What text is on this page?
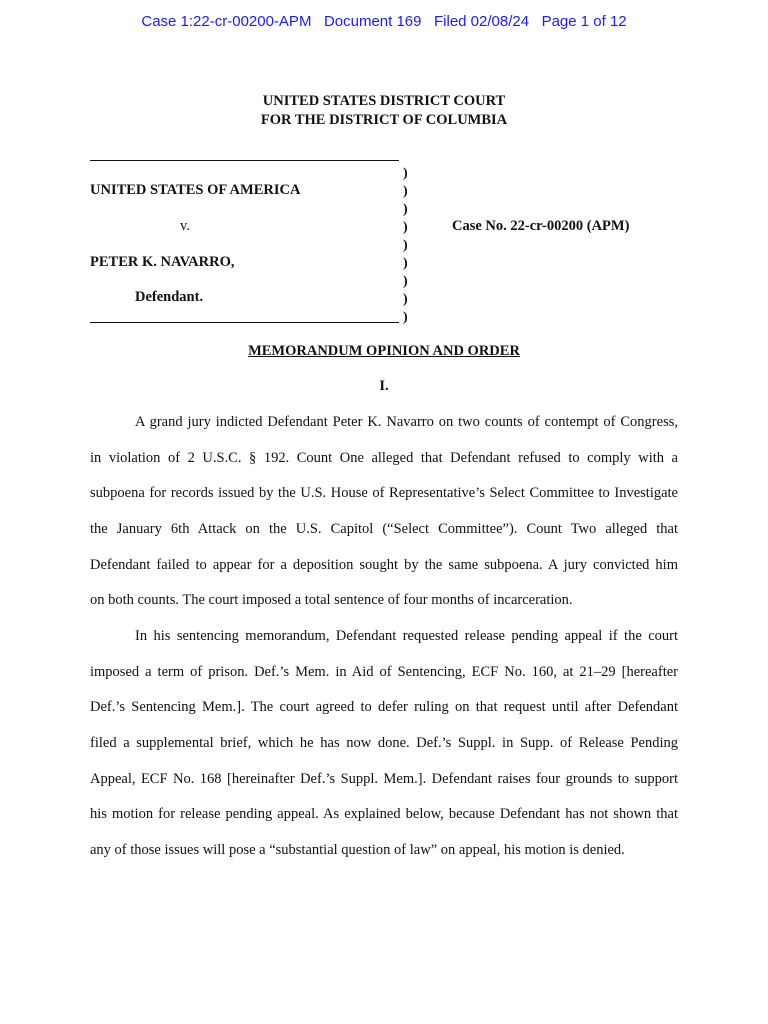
Case 1:22-cr-00200-APM   Document 169   Filed 02/08/24   Page 1 of 12
UNITED STATES DISTRICT COURT
FOR THE DISTRICT OF COLUMBIA
)
)
)
)
)
)
)
)
)
UNITED STATES OF AMERICA
v.	Case No. 22-cr-00200 (APM)
PETER K. NAVARRO,
Defendant.
MEMORANDUM OPINION AND ORDER
I.
A grand jury indicted Defendant Peter K. Navarro on two counts of contempt of Congress,
in violation of 2 U.S.C. § 192. Count One alleged that Defendant refused to comply with a
subpoena for records issued by the U.S. House of Representative’s Select Committee to Investigate
the January 6th Attack on the U.S. Capitol (“Select Committee”). Count Two alleged that
Defendant failed to appear for a deposition sought by the same subpoena. A jury convicted him
on both counts. The court imposed a total sentence of four months of incarceration.
In his sentencing memorandum, Defendant requested release pending appeal if the court
imposed a term of prison. Def.’s Mem. in Aid of Sentencing, ECF No. 160, at 21–29 [hereafter
Def.’s Sentencing Mem.]. The court agreed to defer ruling on that request until after Defendant
filed a supplemental brief, which he has now done. Def.’s Suppl. in Supp. of Release Pending
Appeal, ECF No. 168 [hereinafter Def.’s Suppl. Mem.]. Defendant raises four grounds to support
his motion for release pending appeal. As explained below, because Defendant has not shown that
any of those issues will pose a “substantial question of law” on appeal, his motion is denied.
